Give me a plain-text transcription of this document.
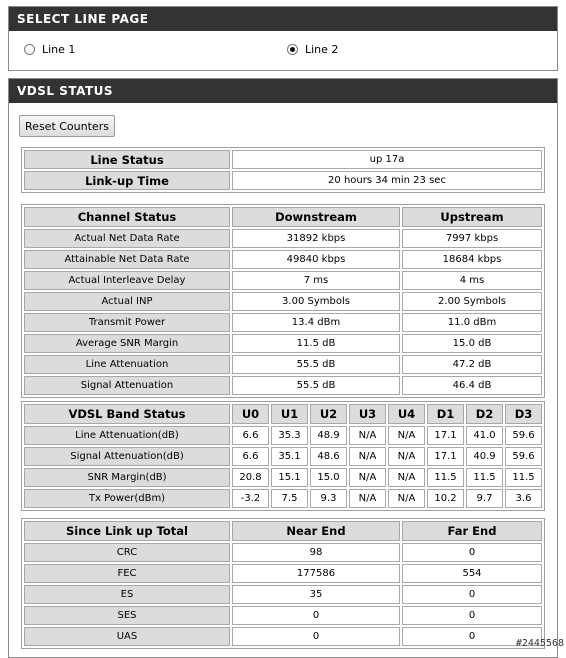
SELECT LINE PAGE
Line 1	Line 2
VDSL STATUS
Reset Counters
Line Status	up 17a
Link-up Time	20 hours 34 min 23 sec
Channel Status	Downstream	Upstream
Actual Net Data Rate	31892 kbps	7997 kbps
Attainable Net Data Rate	49840 kbps	18684 kbps
Actual Interleave Delay	7 ms	4 ms
Actual INP	3.00 Symbols	2.00 Symbols
Transmit Power	13.4 dBm	11.0 dBm
Average SNR Margin	11.5 dB	15.0 dB
Line Attenuation	55.5 dB	47.2 dB
Signal Attenuation	55.5 dB	46.4 dB
VDSL Band Status	U0	U1	U2	U3	U4	D1	D2	D3
Line Attenuation(dB)	6.6	35.3	48.9	N/A	N/A	17.1	41.0	59.6
Signal Attenuation(dB)	6.6	35.1	48.6	N/A	N/A	17.1	40.9	59.6
SNR Margin(dB)	20.8	15.1	15.0	N/A	N/A	11.5	11.5	11.5
Tx Power(dBm)	-3.2	7.5	9.3	N/A	N/A	10.2	9.7	3.6
Since Link up Total	Near End	Far End
CRC	98	0
FEC	177586	554
ES	35	0
SES	0	0
UAS	0	0
#2445568
